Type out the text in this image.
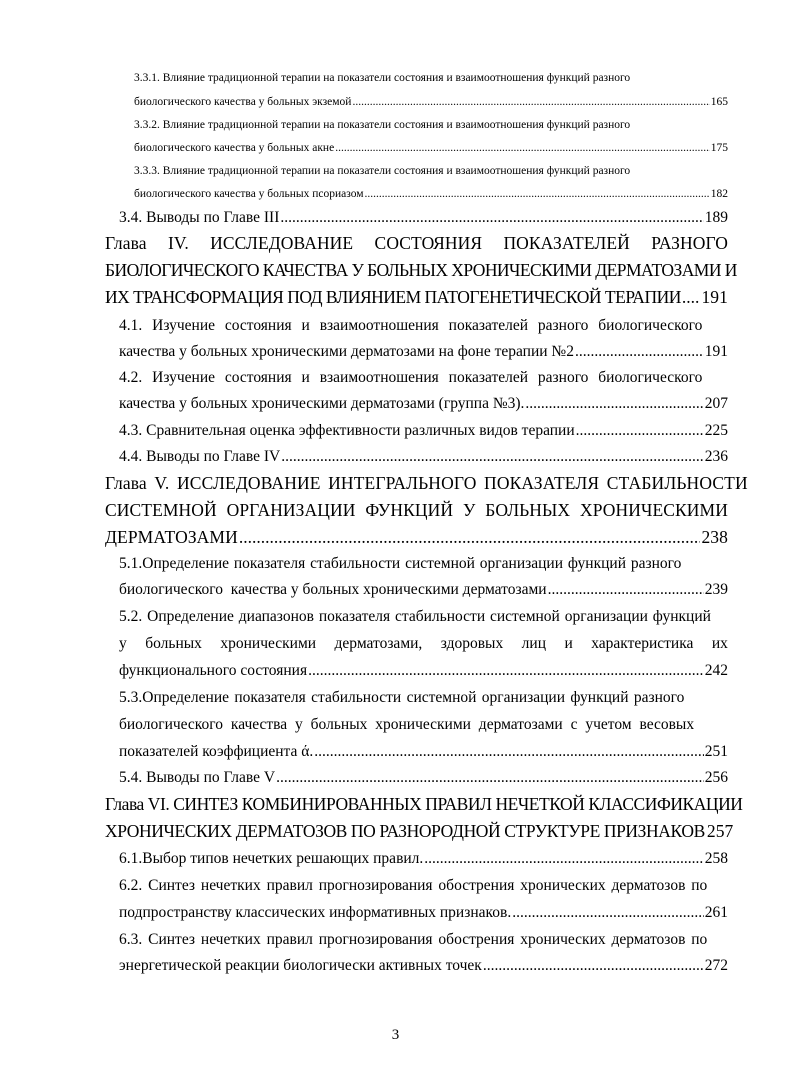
3.3.1. Влияние традиционной терапии на показатели состояния и взаимоотношения функций разного
биологического качества у больных экземой .....	165
3.3.2. Влияние традиционной терапии на показатели состояния и взаимоотношения функций разного
биологического качества у больных акне .....	175
3.3.3. Влияние традиционной терапии на показатели состояния и взаимоотношения функций разного
биологического качества у больных псориазом .....	182
3.4. Выводы по Главе III .....	189
Глава IV. ИССЛЕДОВАНИЕ СОСТОЯНИЯ ПОКАЗАТЕЛЕЙ РАЗНОГО
БИОЛОГИЧЕСКОГО КАЧЕСТВА У БОЛЬНЫХ ХРОНИЧЕСКИМИ ДЕРМАТОЗАМИ И
ИХ ТРАНСФОРМАЦИЯ ПОД ВЛИЯНИЕМ ПАТОГЕНЕТИЧЕСКОЙ ТЕРАПИИ ..... 191
4.1. Изучение состояния и взаимоотношения показателей разного биологического
качества у больных хроническими дерматозами на фоне терапии №2 .....	191
4.2. Изучение состояния и взаимоотношения показателей разного биологического
качества у больных хроническими дерматозами (группа №3). .....	207
4.3. Сравнительная оценка эффективности различных видов терапии .....	225
4.4. Выводы по Главе IV .....	236
Глава V. ИССЛЕДОВАНИЕ ИНТЕГРАЛЬНОГО ПОКАЗАТЕЛЯ СТАБИЛЬНОСТИ
СИСТЕМНОЙ ОРГАНИЗАЦИИ ФУНКЦИЙ У БОЛЬНЫХ ХРОНИЧЕСКИМИ
ДЕРМАТОЗАМИ .....	238
5.1.Определение показателя стабильности системной организации функций разного
биологического  качества у больных хроническими дерматозами .....	239
5.2. Определение диапазонов показателя стабильности системной организации функций
у больных хроническими дерматозами, здоровых лиц и характеристика их
функционального состояния .....	242
5.3.Определение показателя стабильности системной организации функций разного
биологического качества у больных хроническими дерматозами с учетом весовых
показателей коэффициента ά. .....	251
5.4. Выводы по Главе V .....	256
Глава VI. СИНТЕЗ КОМБИНИРОВАННЫХ ПРАВИЛ НЕЧЕТКОЙ КЛАССИФИКАЦИИ
ХРОНИЧЕСКИХ ДЕРМАТОЗОВ ПО РАЗНОРОДНОЙ СТРУКТУРЕ ПРИЗНАКОВ 257
6.1.Выбор типов нечетких решающих правил. .....	258
6.2. Синтез нечетких правил прогнозирования обострения хронических дерматозов по
подпространству классических информативных признаков. .....	261
6.3. Синтез нечетких правил прогнозирования обострения хронических дерматозов по
энергетической реакции биологически активных точек .....	272
3
